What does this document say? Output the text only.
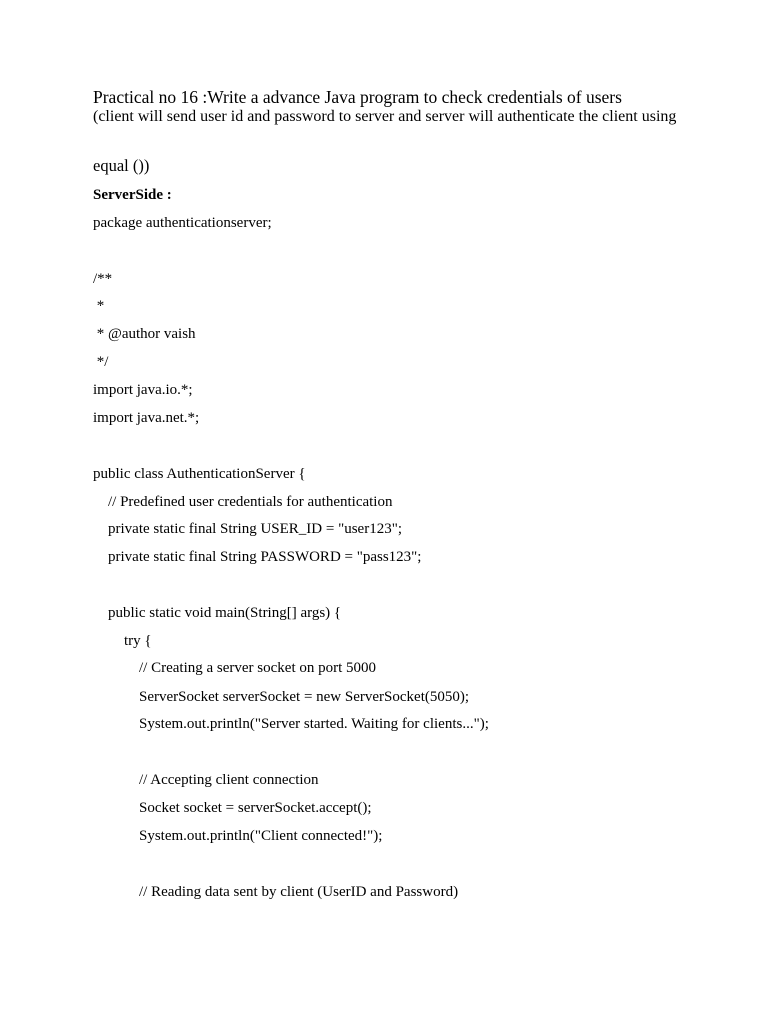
Practical no 16 :Write a advance Java program to check credentials of users
(client will send user id and password to server and server will authenticate the client using
equal ())
ServerSide :
package authenticationserver;
/**
*
* @author vaish
*/
import java.io.*;
import java.net.*;
public class AuthenticationServer {
// Predefined user credentials for authentication
private static final String USER_ID = "user123";
private static final String PASSWORD = "pass123";
public static void main(String[] args) {
try {
// Creating a server socket on port 5000
ServerSocket serverSocket = new ServerSocket(5050);
System.out.println("Server started. Waiting for clients...");
// Accepting client connection
Socket socket = serverSocket.accept();
System.out.println("Client connected!");
// Reading data sent by client (UserID and Password)
